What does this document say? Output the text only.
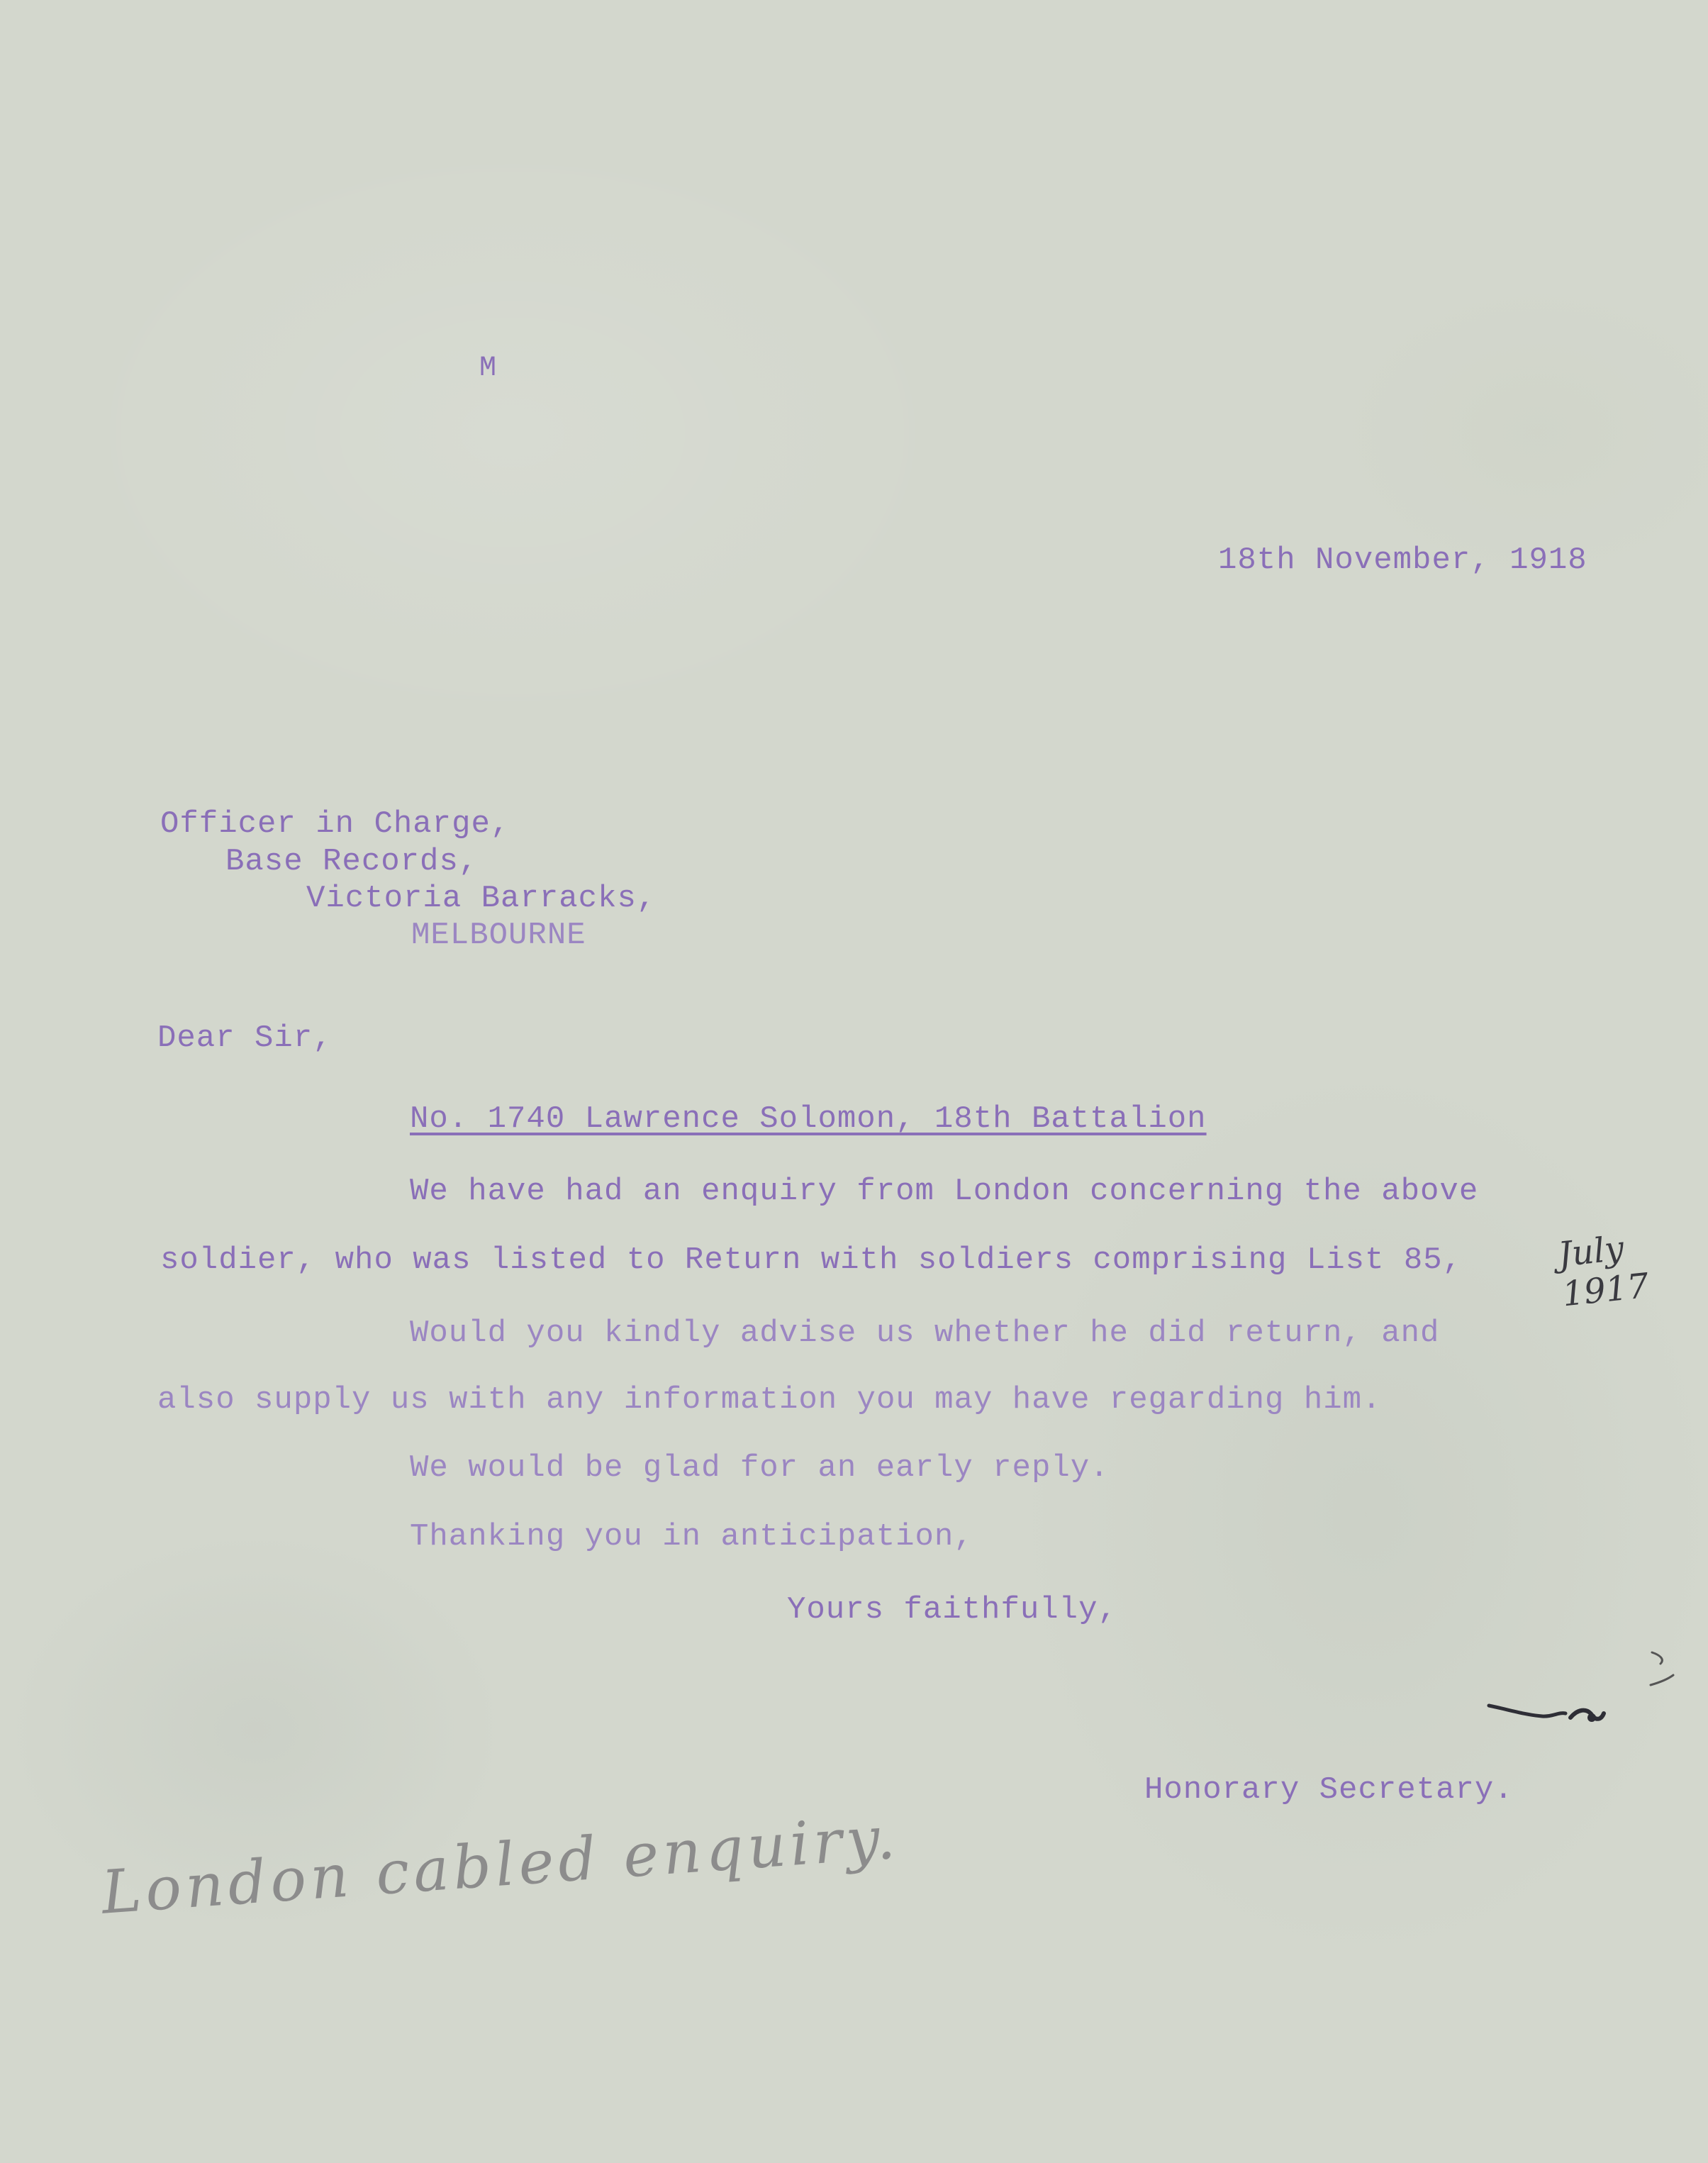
M
18th November, 1918
Officer in Charge,
Base Records,
Victoria Barracks,
MELBOURNE
Dear Sir,
No. 1740 Lawrence Solomon, 18th Battalion
We have had an enquiry from London concerning the above
soldier, who was listed to Return with soldiers comprising List 85,
Would you kindly advise us whether he did return, and
also supply us with any information you may have regarding him.
We would be glad for an early reply.
Thanking you in anticipation,
Yours faithfully,
Honorary Secretary.
July 1917
London cabled enquiry.
